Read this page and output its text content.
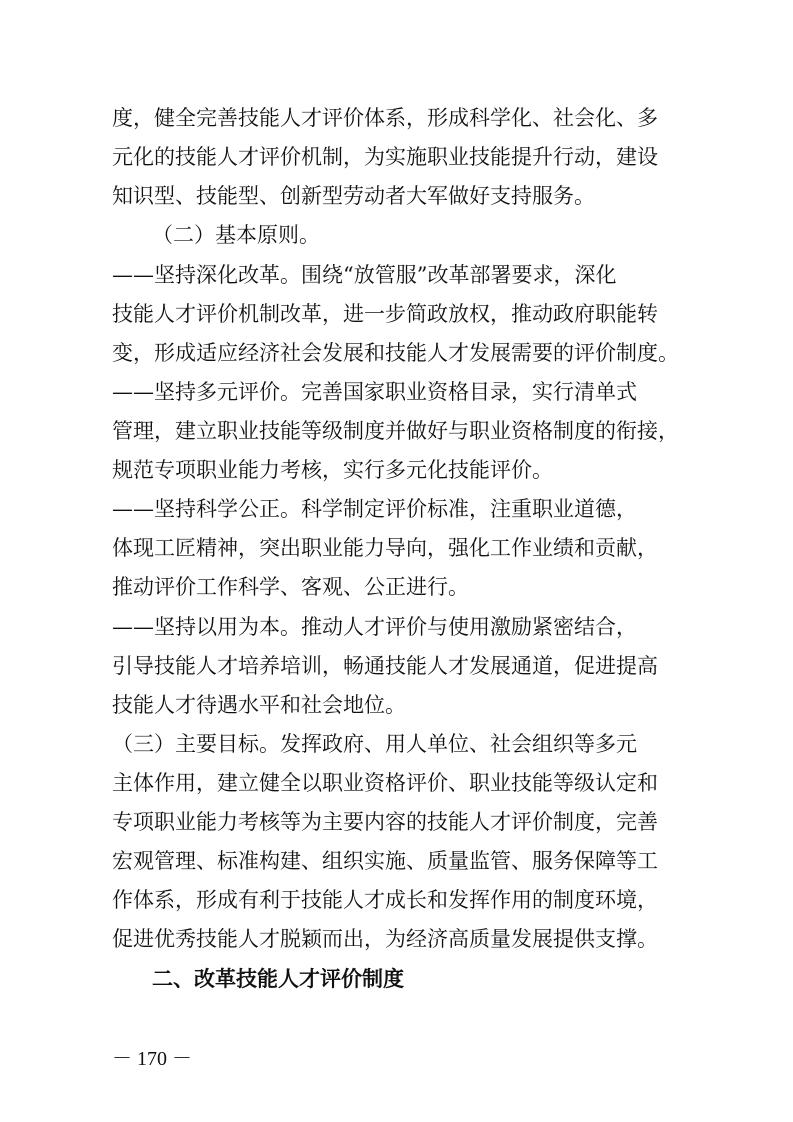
度，健全完善技能人才评价体系，形成科学化、社会化、多
元化的技能人才评价机制，为实施职业技能提升行动，建设
知识型、技能型、创新型劳动者大军做好支持服务。
（二）基本原则。
——坚持深化改革。围绕“放管服”改革部署要求，深化
技能人才评价机制改革，进一步简政放权，推动政府职能转
变，形成适应经济社会发展和技能人才发展需要的评价制度。
——坚持多元评价。完善国家职业资格目录，实行清单式
管理，建立职业技能等级制度并做好与职业资格制度的衔接，
规范专项职业能力考核，实行多元化技能评价。
——坚持科学公正。科学制定评价标准，注重职业道德，
体现工匠精神，突出职业能力导向，强化工作业绩和贡献，
推动评价工作科学、客观、公正进行。
——坚持以用为本。推动人才评价与使用激励紧密结合，
引导技能人才培养培训，畅通技能人才发展通道，促进提高
技能人才待遇水平和社会地位。
（三）主要目标。发挥政府、用人单位、社会组织等多元
主体作用，建立健全以职业资格评价、职业技能等级认定和
专项职业能力考核等为主要内容的技能人才评价制度，完善
宏观管理、标准构建、组织实施、质量监管、服务保障等工
作体系，形成有利于技能人才成长和发挥作用的制度环境，
促进优秀技能人才脱颖而出，为经济高质量发展提供支撑。
二、改革技能人才评价制度
－ 170 －
